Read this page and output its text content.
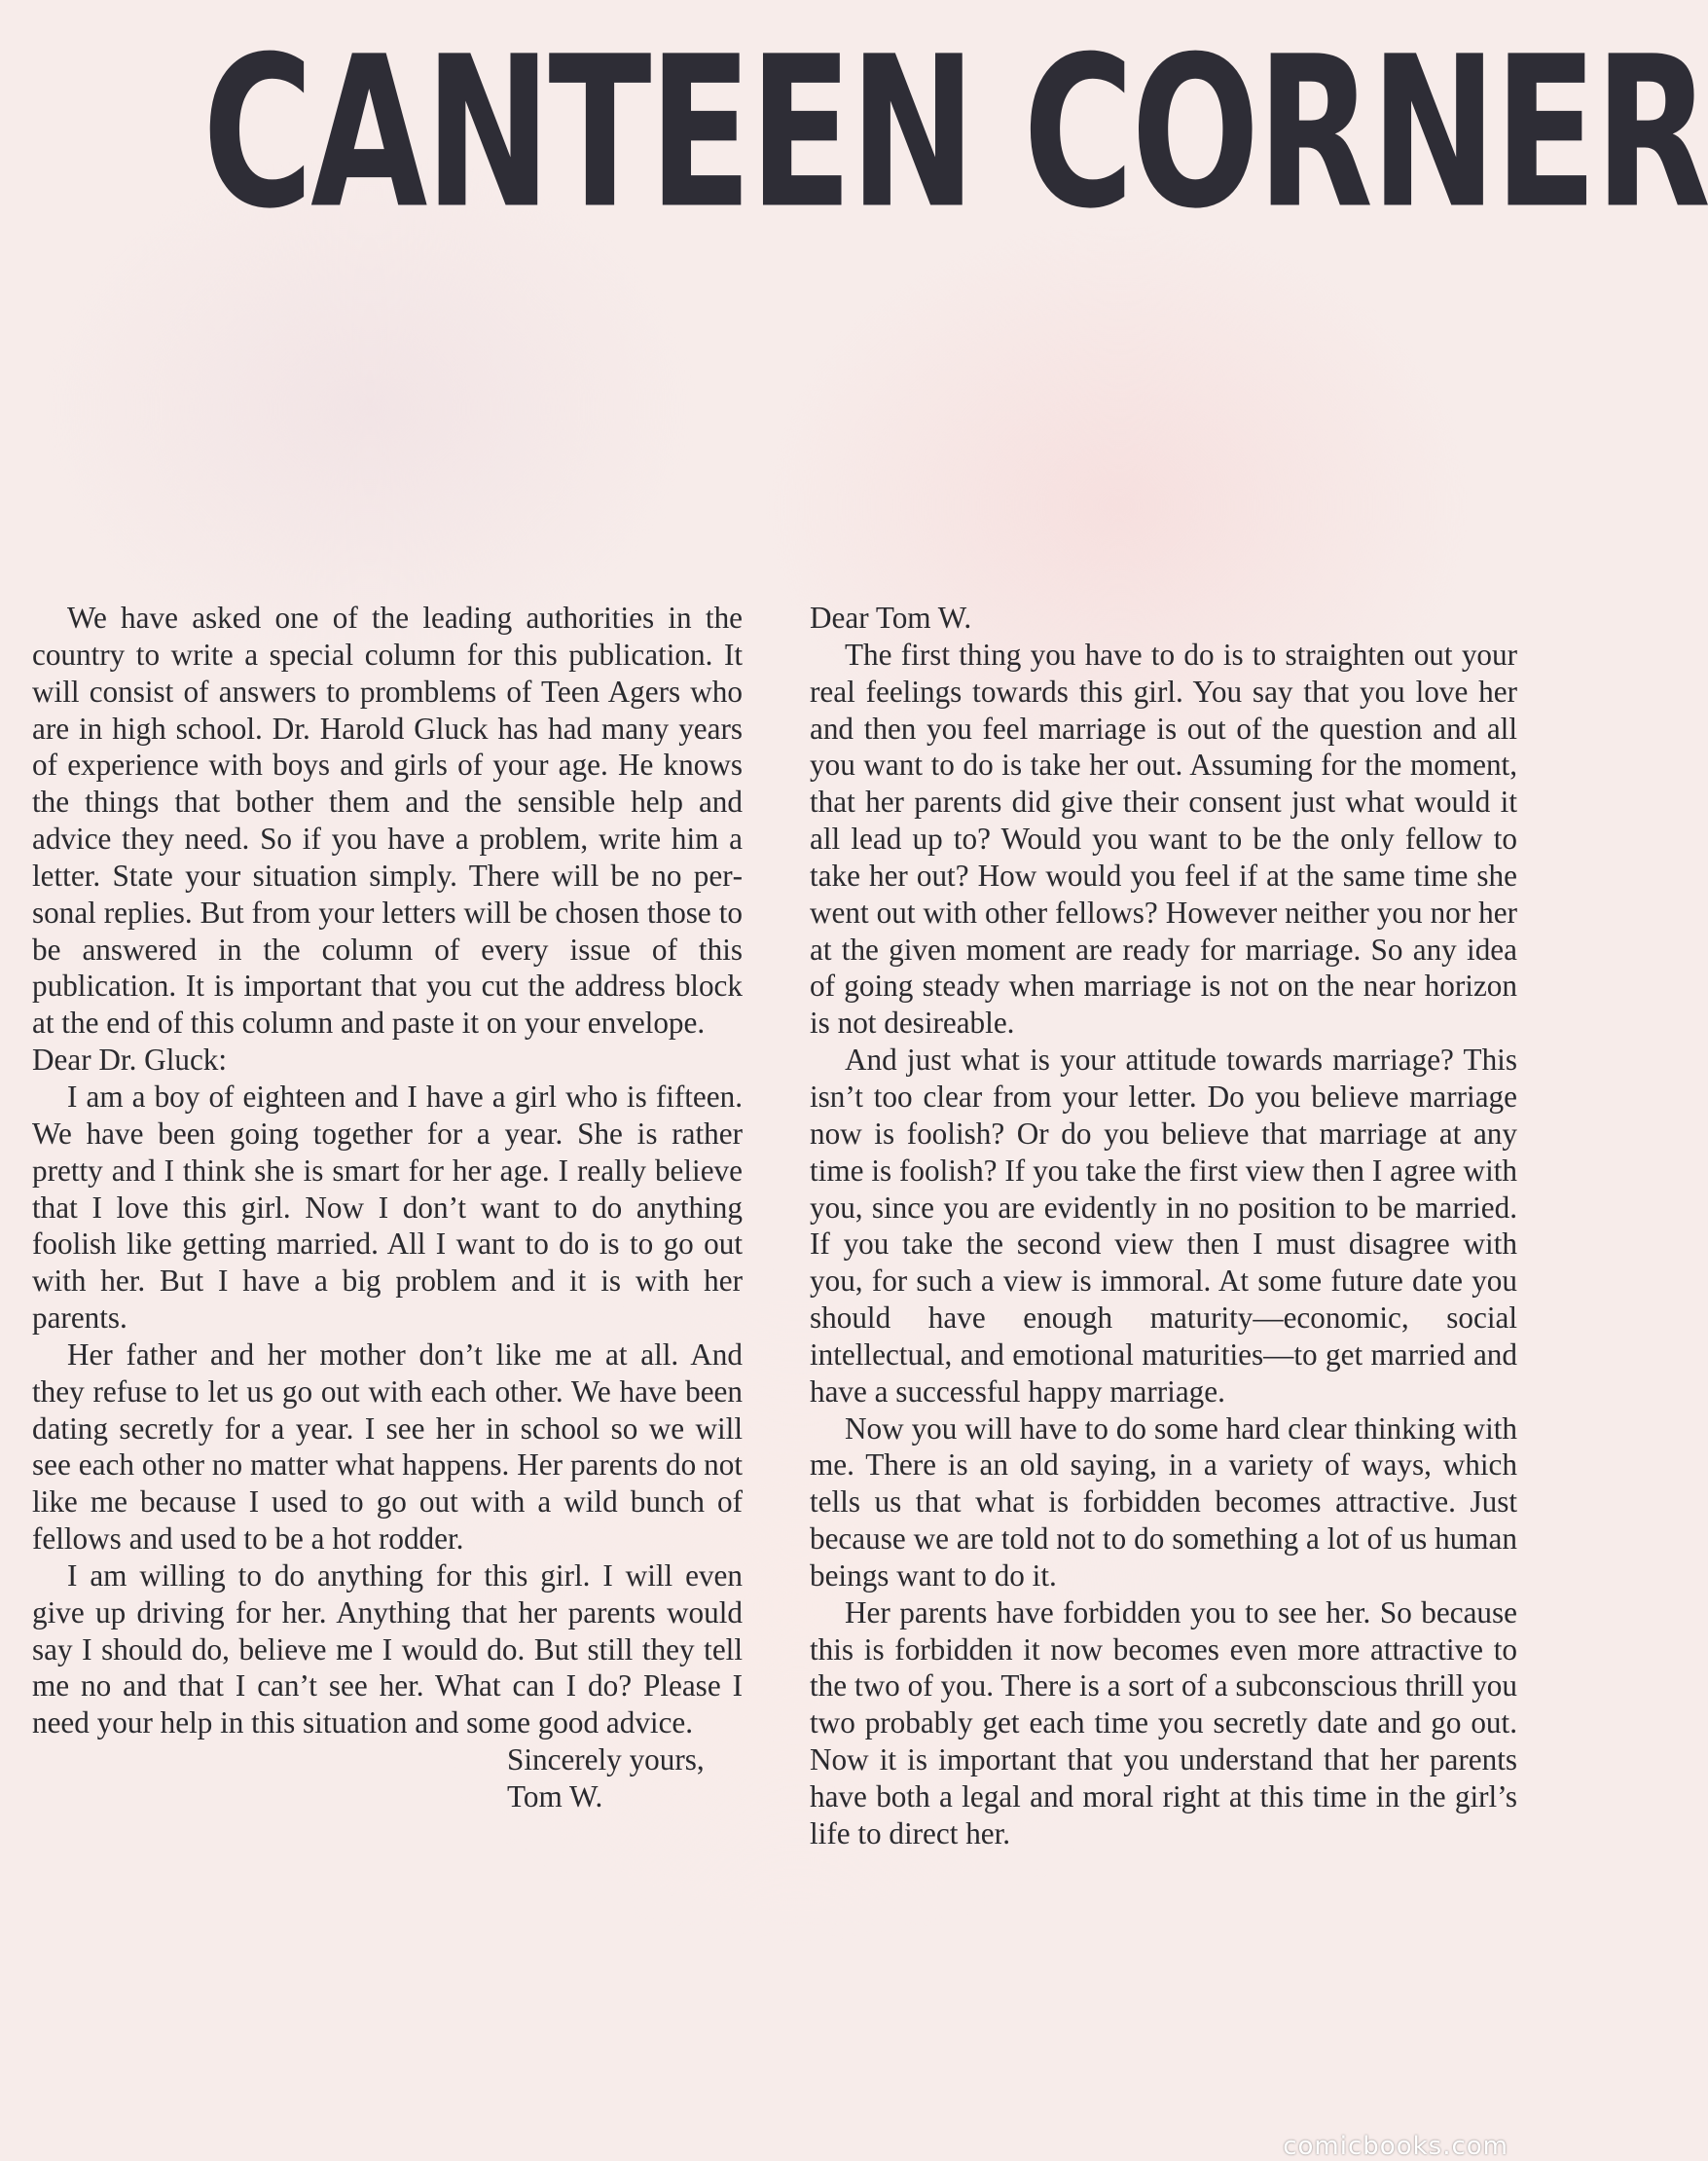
CANTEEN CORNER

We have asked one of the leading authorities in the country to write a special column for this publication. It will consist of answers to promblems of Teen Agers who are in high school. Dr. Harold Gluck has had many years of experience with boys and girls of your age. He knows the things that bother them and the sensible help and advice they need. So if you have a problem, write him a letter. State your situation simply. There will be no personal replies. But from your letters will be chosen those to be answered in the column of every issue of this publication. It is important that you cut the address block at the end of this column and paste it on your envelope.

Dear Dr. Gluck:

I am a boy of eighteen and I have a girl who is fifteen. We have been going together for a year. She is rather pretty and I think she is smart for her age. I really believe that I love this girl. Now I don’t want to do anything foolish like getting married. All I want to do is to go out with her. But I have a big problem and it is with her parents.

Her father and her mother don’t like me at all. And they refuse to let us go out with each other. We have been dating secretly for a year. I see her in school so we will see each other no matter what happens. Her parents do not like me because I used to go out with a wild bunch of fellows and used to be a hot rodder.

I am willing to do anything for this girl. I will even give up driving for her. Anything that her parents would say I should do, believe me I would do. But still they tell me no and that I can’t see her. What can I do? Please I need your help in this situation and some good advice.

Sincerely yours,

Tom W.

Dear Tom W.

The first thing you have to do is to straighten out your real feelings towards this girl. You say that you love her and then you feel marriage is out of the question and all you want to do is take her out. Assuming for the moment, that her parents did give their consent just what would it all lead up to? Would you want to be the only fellow to take her out? How would you feel if at the same time she went out with other fellows? However neither you nor her at the given moment are ready for marriage. So any idea of going steady when marriage is not on the near horizon is not desireable.

And just what is your attitude towards marriage? This isn’t too clear from your letter. Do you believe marriage now is foolish? Or do you believe that marriage at any time is foolish? If you take the first view then I agree with you, since you are evidently in no position to be married. If you take the second view then I must disagree with you, for such a view is immoral. At some future date you should have enough maturity—economic, social intellectual, and emotional maturities—to get married and have a successful happy marriage.

Now you will have to do some hard clear thinking with me. There is an old saying, in a variety of ways, which tells us that what is forbidden becomes attractive. Just because we are told not to do something a lot of us human beings want to do it.

Her parents have forbidden you to see her. So because this is forbidden it now becomes even more attractive to the two of you. There is a sort of a subconscious thrill you two probably get each time you secretly date and go out. Now it is important that you understand that her parents have both a legal and moral right at this time in the girl’s life to direct her.

comicbooks.com
